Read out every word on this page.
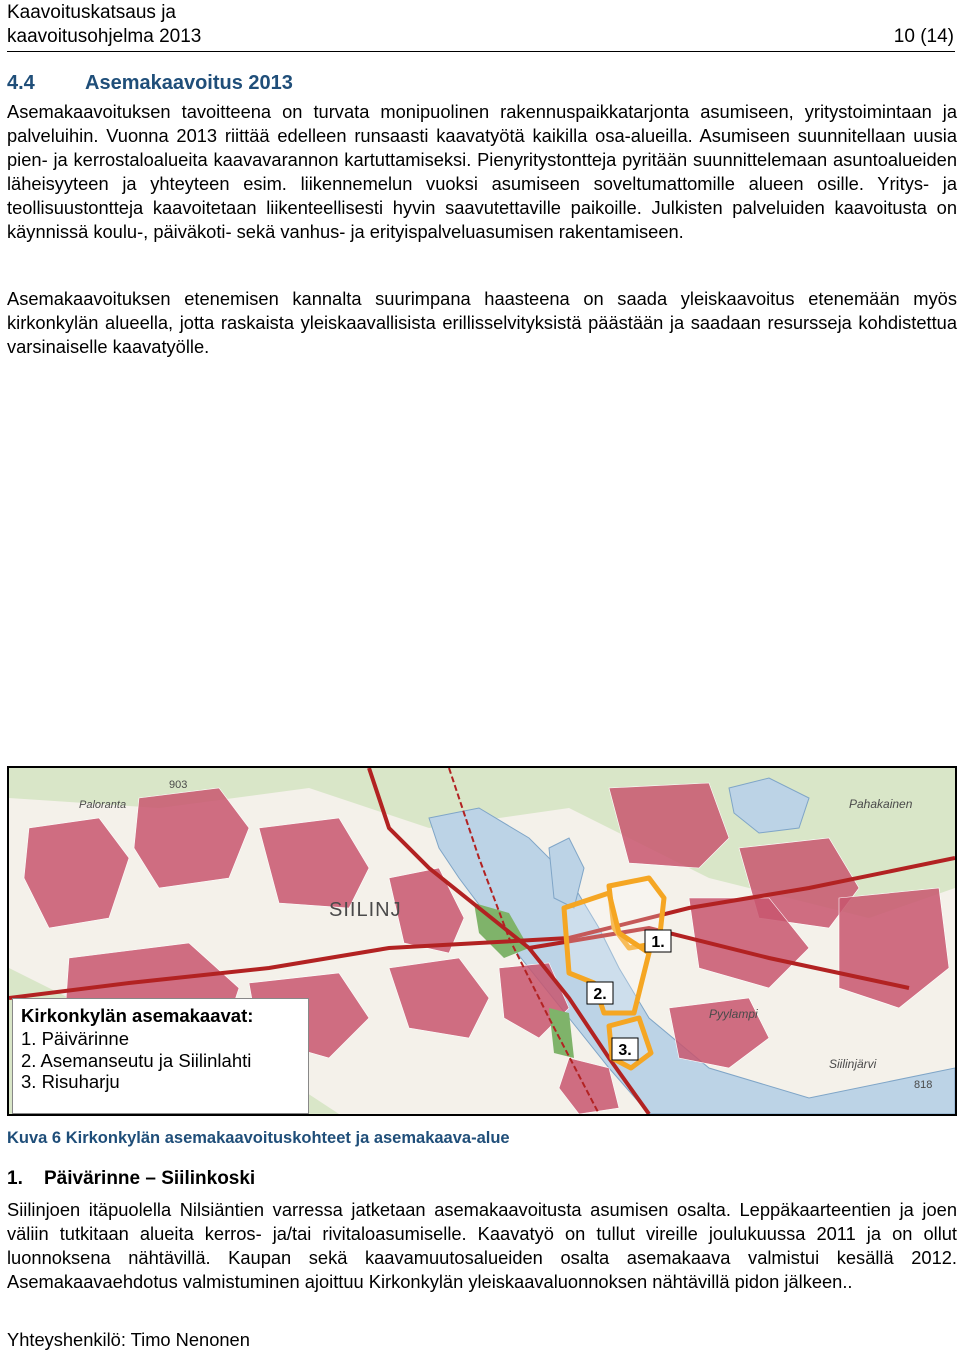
Kaavoituskatsaus ja
kaavoitusohjelma 2013	10 (14)
4.4	Asemakaavoitus 2013
Asemakaavoituksen tavoitteena on turvata monipuolinen rakennuspaikkatarjonta asumiseen, yritystoimintaan ja palveluihin. Vuonna 2013 riittää edelleen runsaasti kaavatyötä kaikilla osa-alueilla. Asumiseen suunnitellaan uusia pien- ja kerrostaloalueita kaavavarannon kartuttamiseksi. Pienyritystontteja pyritään suunnittelemaan asuntoalueiden läheisyyteen ja yhteyteen esim. liikennemelun vuoksi asumiseen soveltumattomille alueen osille. Yritys- ja teollisuustontteja kaavoitetaan liikenteellisesti hyvin saavutettaville paikoille. Julkisten palveluiden kaavoitusta on käynnissä koulu-, päiväkoti- sekä vanhus- ja erityispalveluasumisen rakentamiseen.
Asemakaavoituksen etenemisen kannalta suurimpana haasteena on saada yleiskaavoitus etenemään myös kirkonkylän alueella, jotta raskaista yleiskaavallisista erillisselvityksistä päästään ja saadaan resursseja kohdistettua varsinaiselle kaavatyölle.
1.
2.
3.
SIILINJ
Pyylampi
Siilinjärvi
Paloranta	Pahakainen
903
818
Kirkonkylän asemakaavat:
1. Päivärinne
2. Asemanseutu ja Siilinlahti
3. Risuharju
Kuva 6 Kirkonkylän asemakaavoituskohteet ja asemakaava-alue
1. Päivärinne – Siilinkoski
Siilinjoen itäpuolella Nilsiäntien varressa jatketaan asemakaavoitusta asumisen osalta. Leppäkaarteentien ja joen väliin tutkitaan alueita kerros- ja/tai rivitaloasumiselle. Kaavatyö on tullut vireille joulukuussa 2011 ja on ollut luonnoksena nähtävillä. Kaupan sekä kaavamuutosalueiden osalta asemakaava valmistui kesällä 2012. Asemakaavaehdotus valmistuminen ajoittuu Kirkonkylän yleiskaavaluonnoksen nähtävillä pidon jälkeen..
Yhteyshenkilö: Timo Nenonen
